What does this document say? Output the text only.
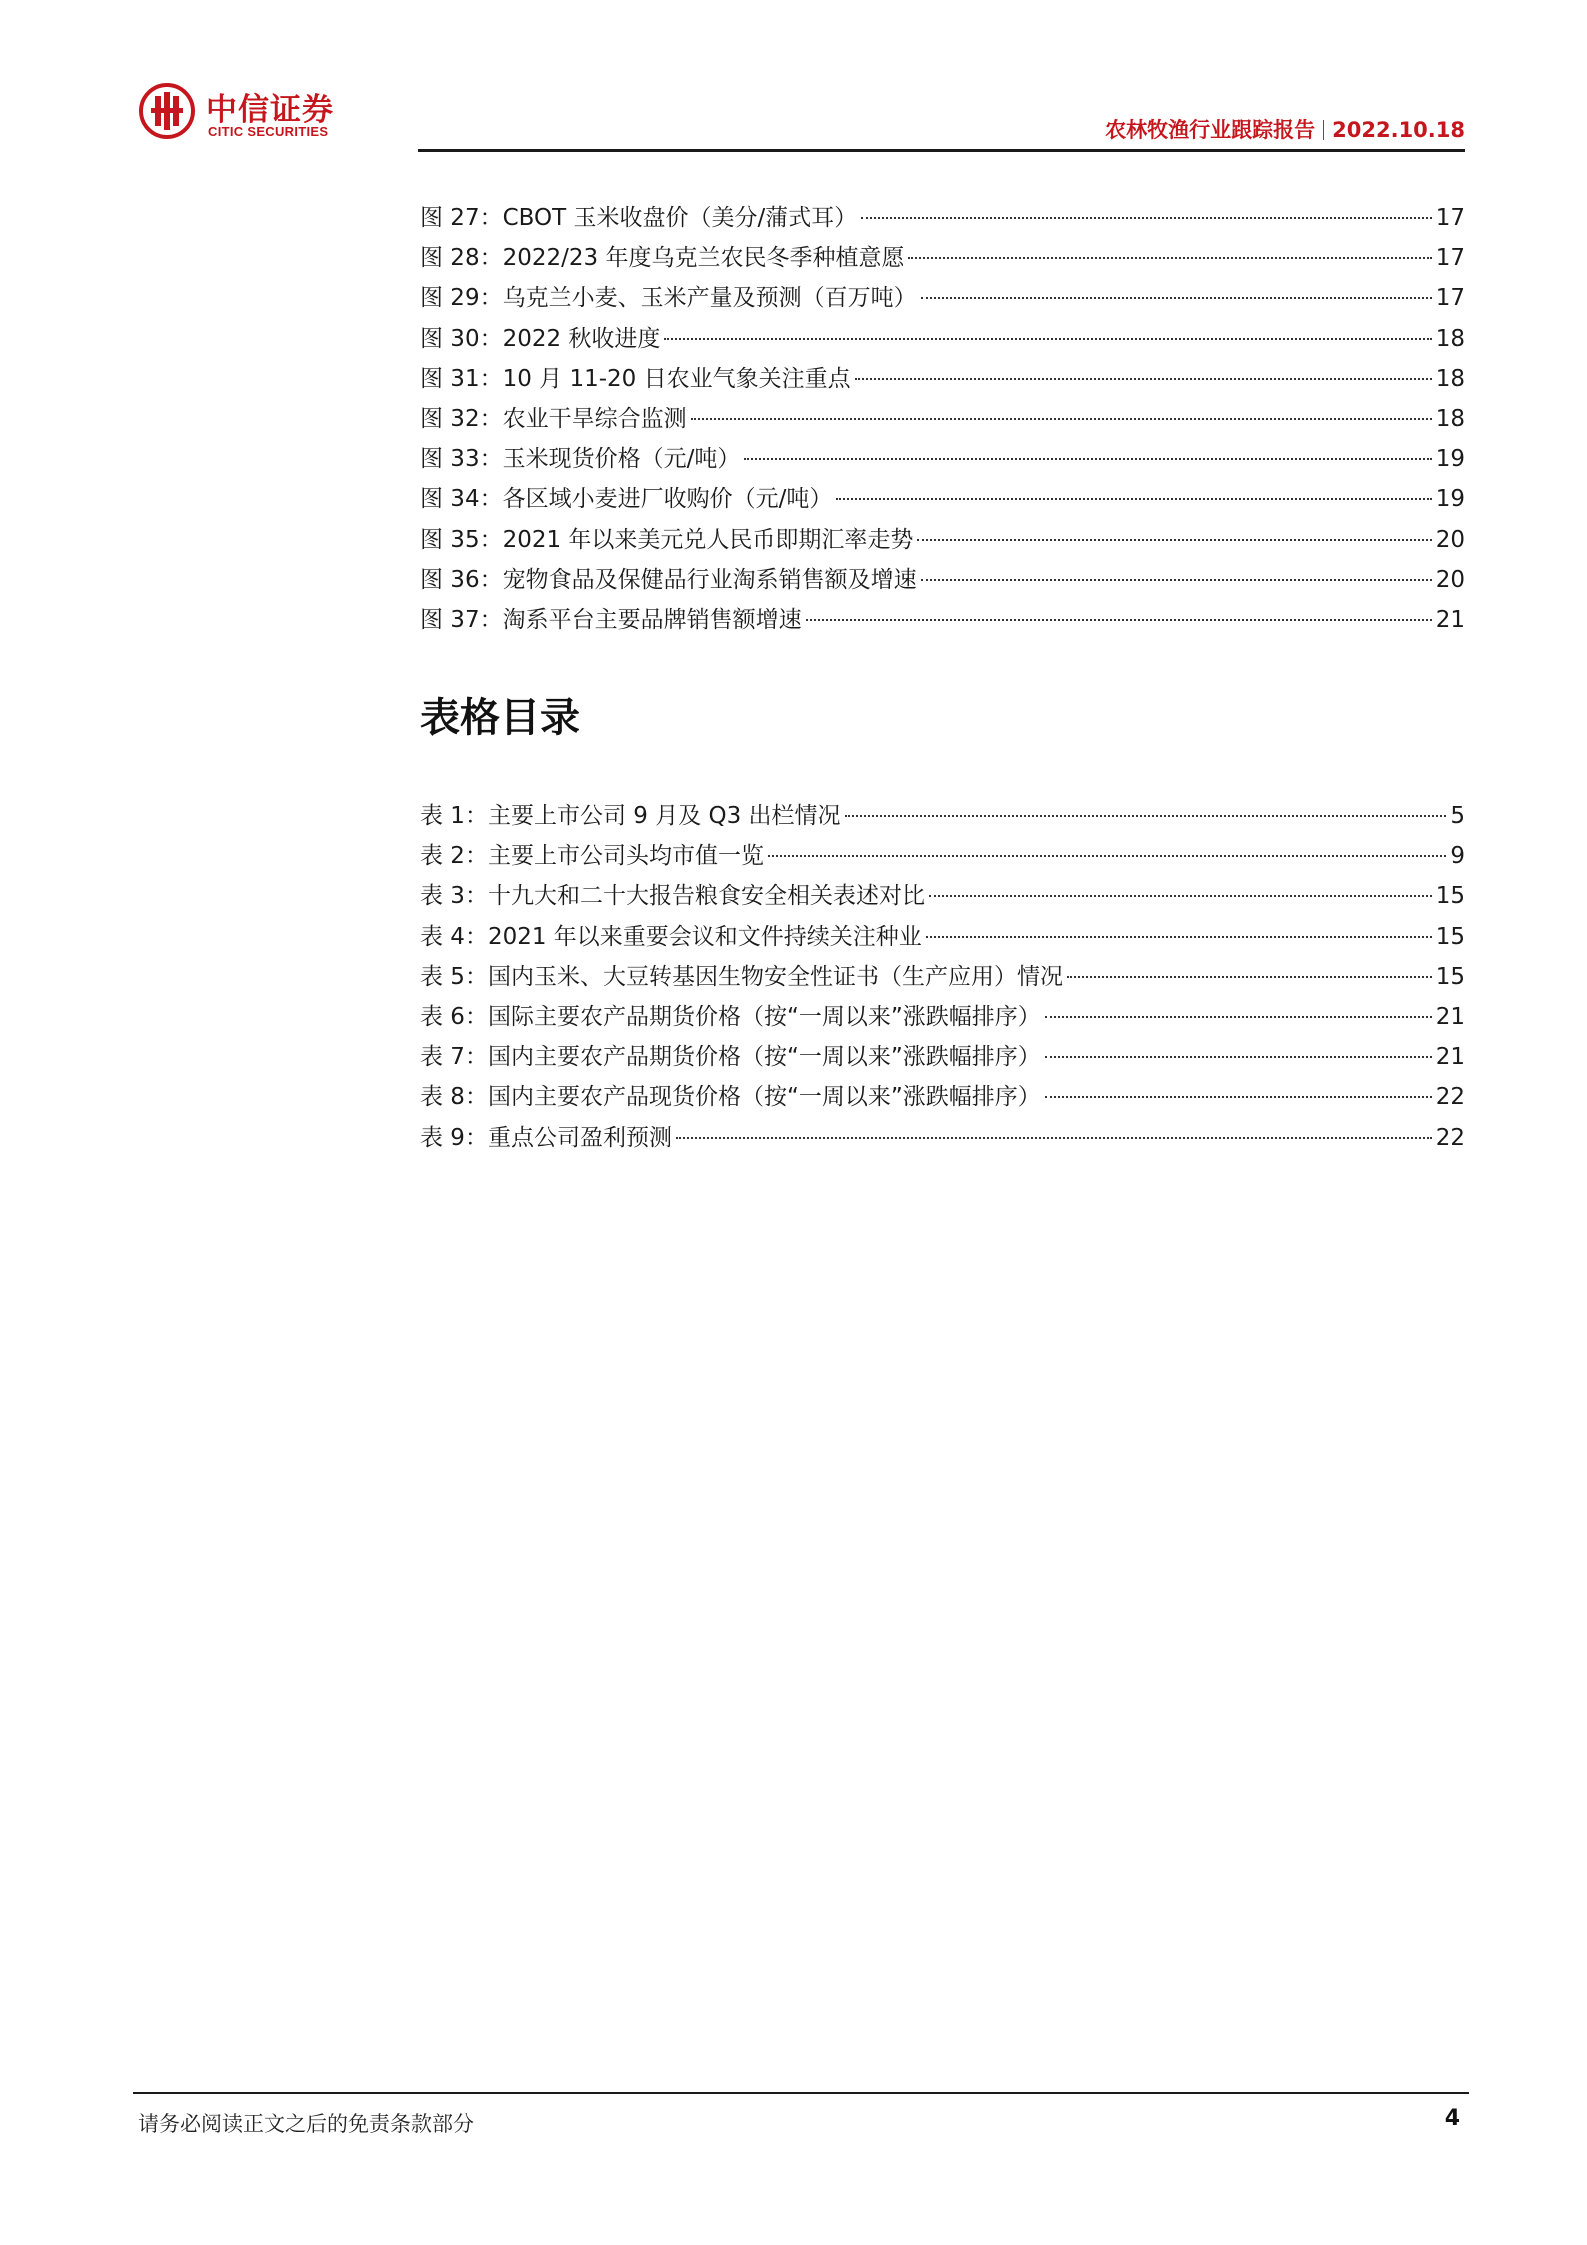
中信证券
CITIC SECURITIES	农林牧渔行业跟踪报告 2022.10.18
图 27：CBOT 玉米收盘价（美分/蒲式耳）	17
图 28：2022/23 年度乌克兰农民冬季种植意愿	17
图 29：乌克兰小麦、玉米产量及预测（百万吨）	17
图 30：2022 秋收进度	18
图 31：10 月 11-20 日农业气象关注重点	18
图 32：农业干旱综合监测	18
图 33：玉米现货价格（元/吨）	19
图 34：各区域小麦进厂收购价（元/吨）	19
图 35：2021 年以来美元兑人民币即期汇率走势	20
图 36：宠物食品及保健品行业淘系销售额及增速	20
图 37：淘系平台主要品牌销售额增速	21
表格目录
表 1：主要上市公司 9 月及 Q3 出栏情况	5
表 2：主要上市公司头均市值一览	9
表 3：十九大和二十大报告粮食安全相关表述对比	15
表 4：2021 年以来重要会议和文件持续关注种业	15
表 5：国内玉米、大豆转基因生物安全性证书（生产应用）情况	15
表 6：国际主要农产品期货价格（按“一周以来”涨跌幅排序）	21
表 7：国内主要农产品期货价格（按“一周以来”涨跌幅排序）	21
表 8：国内主要农产品现货价格（按“一周以来”涨跌幅排序）	22
表 9：重点公司盈利预测	22
请务必阅读正文之后的免责条款部分	4
